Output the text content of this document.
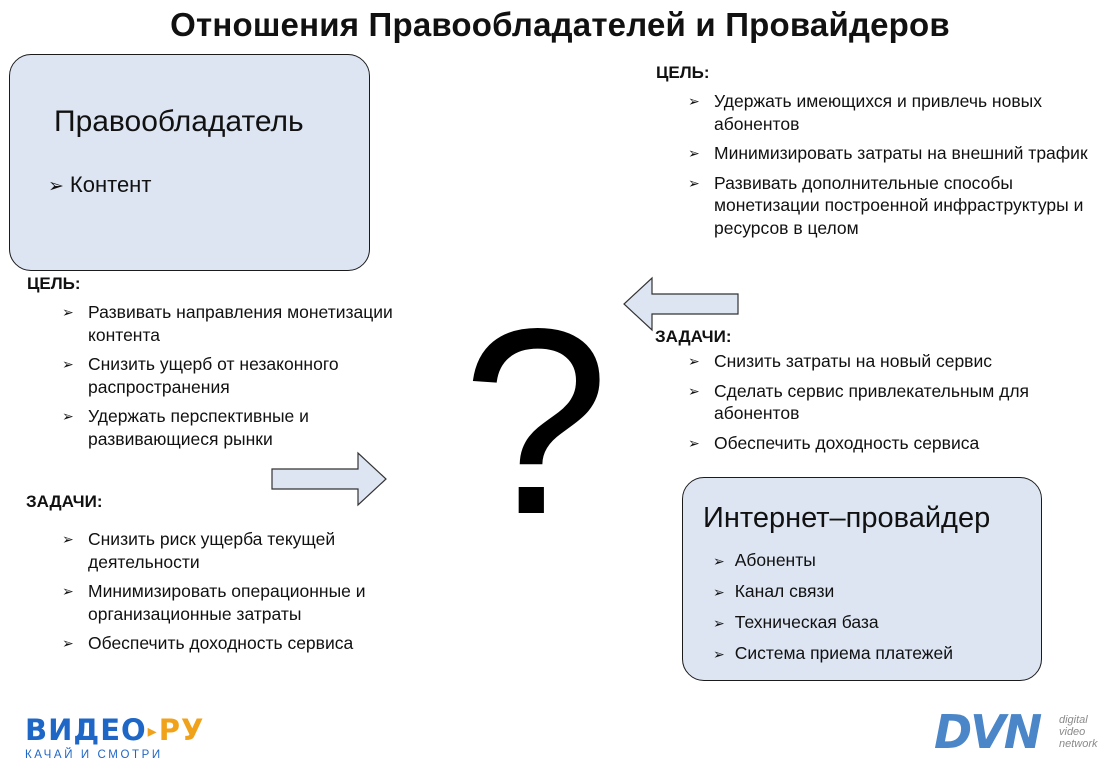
Отношения Правообладателей и Провайдеров
Правообладатель
➢ Контент
ЦЕЛЬ:
➢ Развивать направления монетизации контента
➢ Снизить ущерб от незаконного распространения
➢ Удержать перспективные и развивающиеся рынки
ЗАДАЧИ:
➢ Снизить риск ущерба текущей деятельности
➢ Минимизировать операционные и организационные затраты
➢ Обеспечить доходность сервиса
?
ЦЕЛЬ:
➢ Удержать имеющихся и привлечь новых абонентов
➢ Минимизировать затраты на внешний трафик
➢ Развивать дополнительные способы монетизации построенной инфраструктуры и ресурсов в целом
ЗАДАЧИ:
➢ Снизить затраты на новый сервис
➢ Сделать сервис привлекательным для абонентов
➢ Обеспечить доходность сервиса
Интернет–провайдер
➢ Абоненты
➢ Канал связи
➢ Техническая база
➢ Система приема платежей
ВИДЕО▸РУ
КАЧАЙ И СМОТРИ	DVN digital
video
network
